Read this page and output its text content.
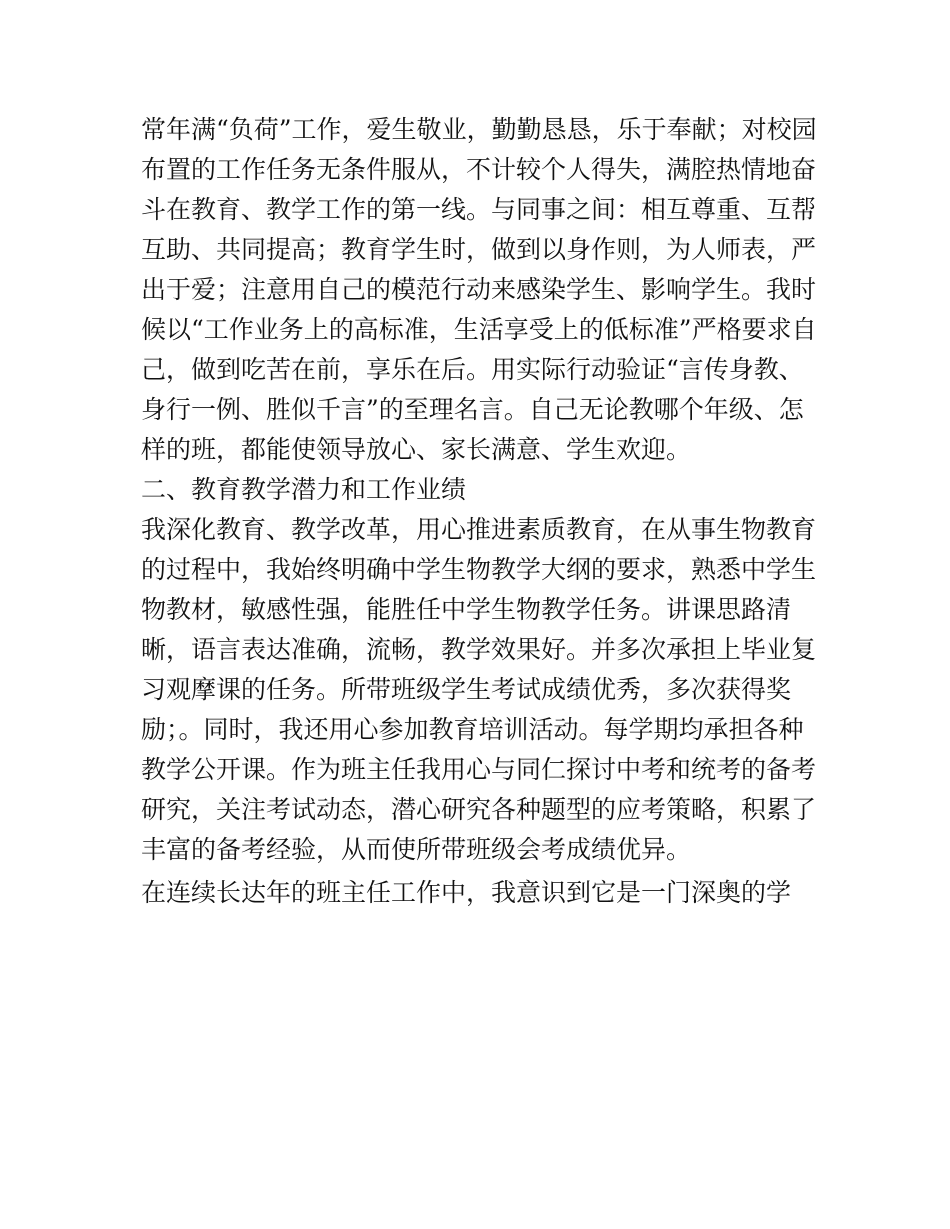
常年满“负荷”工作，爱生敬业，勤勤恳恳，乐于奉献；对校园
布置的工作任务无条件服从，不计较个人得失，满腔热情地奋
斗在教育、教学工作的第一线。与同事之间：相互尊重、互帮
互助、共同提高；教育学生时，做到以身作则，为人师表，严
出于爱；注意用自己的模范行动来感染学生、影响学生。我时
候以“工作业务上的高标准，生活享受上的低标准”严格要求自
己，做到吃苦在前，享乐在后。用实际行动验证“言传身教、
身行一例、胜似千言”的至理名言。自己无论教哪个年级、怎
样的班，都能使领导放心、家长满意、学生欢迎。
二、教育教学潜力和工作业绩
我深化教育、教学改革，用心推进素质教育，在从事生物教育
的过程中，我始终明确中学生物教学大纲的要求，熟悉中学生
物教材，敏感性强，能胜任中学生物教学任务。讲课思路清
晰，语言表达准确，流畅，教学效果好。并多次承担上毕业复
习观摩课的任务。所带班级学生考试成绩优秀，多次获得奖
励；。同时，我还用心参加教育培训活动。每学期均承担各种
教学公开课。作为班主任我用心与同仁探讨中考和统考的备考
研究，关注考试动态，潜心研究各种题型的应考策略，积累了
丰富的备考经验，从而使所带班级会考成绩优异。
在连续长达年的班主任工作中，我意识到它是一门深奥的学
